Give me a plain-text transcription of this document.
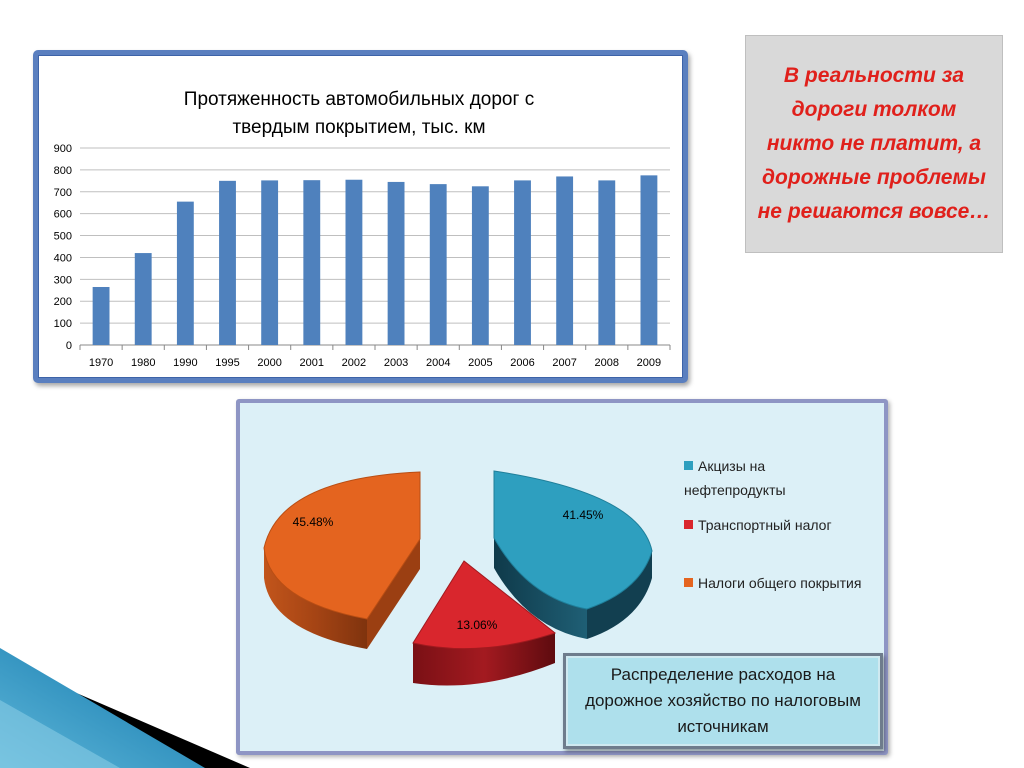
Протяженность автомобильных дорог с
твердым покрытием, тыс. км
0
100
200
300
400
500
600
700
800
900
1970 1980 1990 1995 2000 2001 2002 2003 2004 2005 2006 2007 2008 2009
В реальности за дороги толком никто не платит, а дорожные проблемы не решаются вовсе…
41.45%
13.06%
45.48%
Акцизы на нефтепродукты
Транспортный налог
Налоги общего покрытия
Распределение расходов на дорожное хозяйство по налоговым источникам
